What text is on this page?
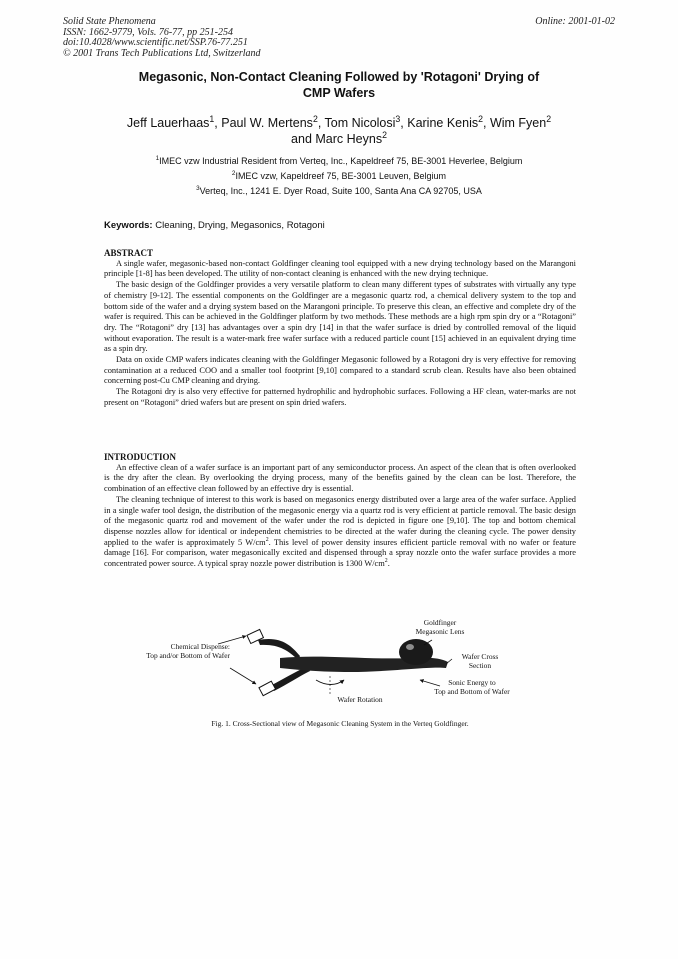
Solid State Phenomena
ISSN: 1662-9779, Vols. 76-77, pp 251-254
doi:10.4028/www.scientific.net/SSP.76-77.251
© 2001 Trans Tech Publications Ltd, Switzerland
Online: 2001-01-02
Megasonic, Non-Contact Cleaning Followed by 'Rotagoni' Drying of
CMP Wafers
Jeff Lauerhaas$^1$, Paul W. Mertens$^2$, Tom Nicolosi$^3$, Karine Kenis$^2$, Wim Fyen$^2$
and Marc Heyns$^2$
$^1$IMEC vzw Industrial Resident from Verteq, Inc., Kapeldreef 75, BE-3001 Heverlee, Belgium
$^2$IMEC vzw, Kapeldreef 75, BE-3001 Leuven, Belgium
$^3$Verteq, Inc., 1241 E. Dyer Road, Suite 100, Santa Ana CA 92705, USA
Keywords: Cleaning, Drying, Megasonics, Rotagoni
ABSTRACT

A single wafer, megasonic-based non-contact Goldfinger cleaning tool equipped with a new drying technology based on the Marangoni principle [1-8] has been developed. The utility of non-contact cleaning is enhanced with the new drying technique.

The basic design of the Goldfinger provides a very versatile platform to clean many different types of substrates with virtually any type of chemistry [9-12]. The essential components on the Goldfinger are a megasonic quartz rod, a chemical delivery system to the top and bottom side of the wafer and a drying system based on the Marangoni principle. To preserve this clean, an effective and complete dry of the wafer is required. This can be achieved in the Goldfinger platform by two methods. These methods are a high rpm spin dry or a “Rotagoni” dry. The “Rotagoni” dry [13] has advantages over a spin dry [14] in that the wafer surface is dried by controlled removal of the liquid without evaporation. The result is a water-mark free wafer surface with a reduced particle count [15] achieved in an equivalent drying time as a spin dry.

Data on oxide CMP wafers indicates cleaning with the Goldfinger Megasonic followed by a Rotagoni dry is very effective for removing contamination at a reduced COO and a smaller tool footprint [9,10] compared to a standard scrub clean. Results have also been obtained concerning post-Cu CMP cleaning and drying.

The Rotagoni dry is also very effective for patterned hydrophilic and hydrophobic surfaces. Following a HF clean, water-marks are not present on “Rotagoni” dried wafers but are present on spin dried wafers.

INTRODUCTION

An effective clean of a wafer surface is an important part of any semiconductor process. An aspect of the clean that is often overlooked is the dry after the clean. By overlooking the drying process, many of the benefits gained by the clean can be lost. Therefore, the combination of an effective clean followed by an effective dry is essential.

The cleaning technique of interest to this work is based on megasonics energy distributed over a large area of the wafer surface. Applied in a single wafer tool design, the distribution of the megasonic energy via a quartz rod is very efficient at particle removal. The basic design of the megasonic quartz rod and movement of the wafer under the rod is depicted in figure one [9,10]. The top and bottom chemical dispense nozzles allow for identical or independent chemistries to be directed at the wafer during the cleaning cycle. The power density applied to the wafer is approximately 5 $W/cm^2$. This level of power density insures efficient particle removal with no wafer or feature damage [16]. For comparison, water megasonically excited and dispensed through a spray nozzle onto the wafer surface provides a more concentrated power source. A typical spray nozzle power distribution is 1300 $W/cm^2$.

Chemical Dispense:
Top and/or Bottom of Wafer
Goldfinger
Megasonic Lens
Wafer Cross
Section
Sonic Energy to
Top and Bottom of Wafer
Wafer Rotation
Fig. 1. Cross-Sectional view of Megasonic Cleaning System in the Verteq Goldfinger.
